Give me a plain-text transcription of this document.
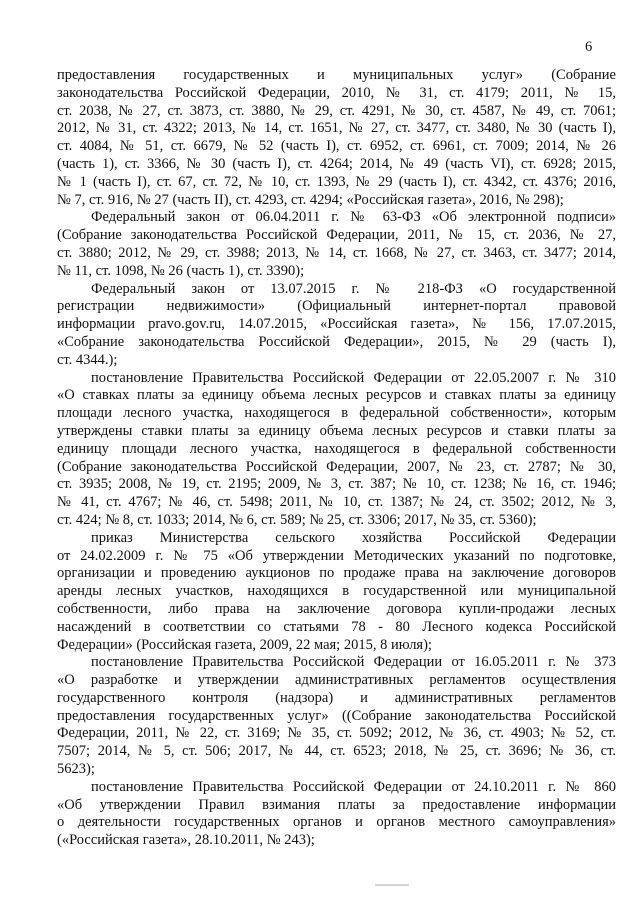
6

предоставления государственных и муниципальных услуг» (Собрание
законодательства Российской Федерации, 2010, № 31, ст. 4179; 2011, № 15,
ст. 2038, № 27, ст. 3873, ст. 3880, № 29, ст. 4291, № 30, ст. 4587, № 49, ст. 7061;
2012, № 31, ст. 4322; 2013, № 14, ст. 1651, № 27, ст. 3477, ст. 3480, № 30 (часть I),
ст. 4084, № 51, ст. 6679, № 52 (часть I), ст. 6952, ст. 6961, ст. 7009; 2014, № 26
(часть 1), ст. 3366, № 30 (часть I), ст. 4264; 2014, № 49 (часть VI), ст. 6928; 2015,
№ 1 (часть I), ст. 67, ст. 72, № 10, ст. 1393, № 29 (часть I), ст. 4342, ст. 4376; 2016,
№ 7, ст. 916, № 27 (часть II), ст. 4293, ст. 4294; «Российская газета», 2016, № 298);

Федеральный закон от 06.04.2011 г. № 63-ФЗ «Об электронной подписи»
(Собрание законодательства Российской Федерации, 2011, № 15, ст. 2036, № 27,
ст. 3880; 2012, № 29, ст. 3988; 2013, № 14, ст. 1668, № 27, ст. 3463, ст. 3477; 2014,
№ 11, ст. 1098, № 26 (часть 1), ст. 3390);

Федеральный закон от 13.07.2015 г. № 218-ФЗ «О государственной
регистрации недвижимости» (Официальный интернет-портал правовой
информации pravo.gov.ru, 14.07.2015, «Российская газета», № 156, 17.07.2015,
«Собрание законодательства Российской Федерации», 2015, № 29 (часть I),
ст. 4344.);

постановление Правительства Российской Федерации от 22.05.2007 г. № 310
«О ставках платы за единицу объема лесных ресурсов и ставках платы за единицу
площади лесного участка, находящегося в федеральной собственности», которым
утверждены ставки платы за единицу объема лесных ресурсов и ставки платы за
единицу площади лесного участка, находящегося в федеральной собственности
(Собрание законодательства Российской Федерации, 2007, № 23, ст. 2787; № 30,
ст. 3935; 2008, № 19, ст. 2195; 2009, № 3, ст. 387; № 10, ст. 1238; № 16, ст. 1946;
№ 41, ст. 4767; № 46, ст. 5498; 2011, № 10, ст. 1387; № 24, ст. 3502; 2012, № 3,
ст. 424; № 8, ст. 1033; 2014, № 6, ст. 589; № 25, ст. 3306; 2017, № 35, ст. 5360);

приказ Министерства сельского хозяйства Российской Федерации
от 24.02.2009 г. № 75 «Об утверждении Методических указаний по подготовке,
организации и проведению аукционов по продаже права на заключение договоров
аренды лесных участков, находящихся в государственной или муниципальной
собственности, либо права на заключение договора купли-продажи лесных
насаждений в соответствии со статьями 78 - 80 Лесного кодекса Российской
Федерации» (Российская газета, 2009, 22 мая; 2015, 8 июля);

постановление Правительства Российской Федерации от 16.05.2011 г. № 373
«О разработке и утверждении административных регламентов осуществления
государственного контроля (надзора) и административных регламентов
предоставления государственных услуг» ((Собрание законодательства Российской
Федерации, 2011, № 22, ст. 3169; № 35, ст. 5092; 2012, № 36, ст. 4903; № 52, ст.
7507; 2014, № 5, ст. 506; 2017, № 44, ст. 6523; 2018, № 25, ст. 3696; № 36, ст.
5623);

постановление Правительства Российской Федерации от 24.10.2011 г. № 860
«Об утверждении Правил взимания платы за предоставление информации
о деятельности государственных органов и органов местного самоуправления»
(«Российская газета», 28.10.2011, № 243);
